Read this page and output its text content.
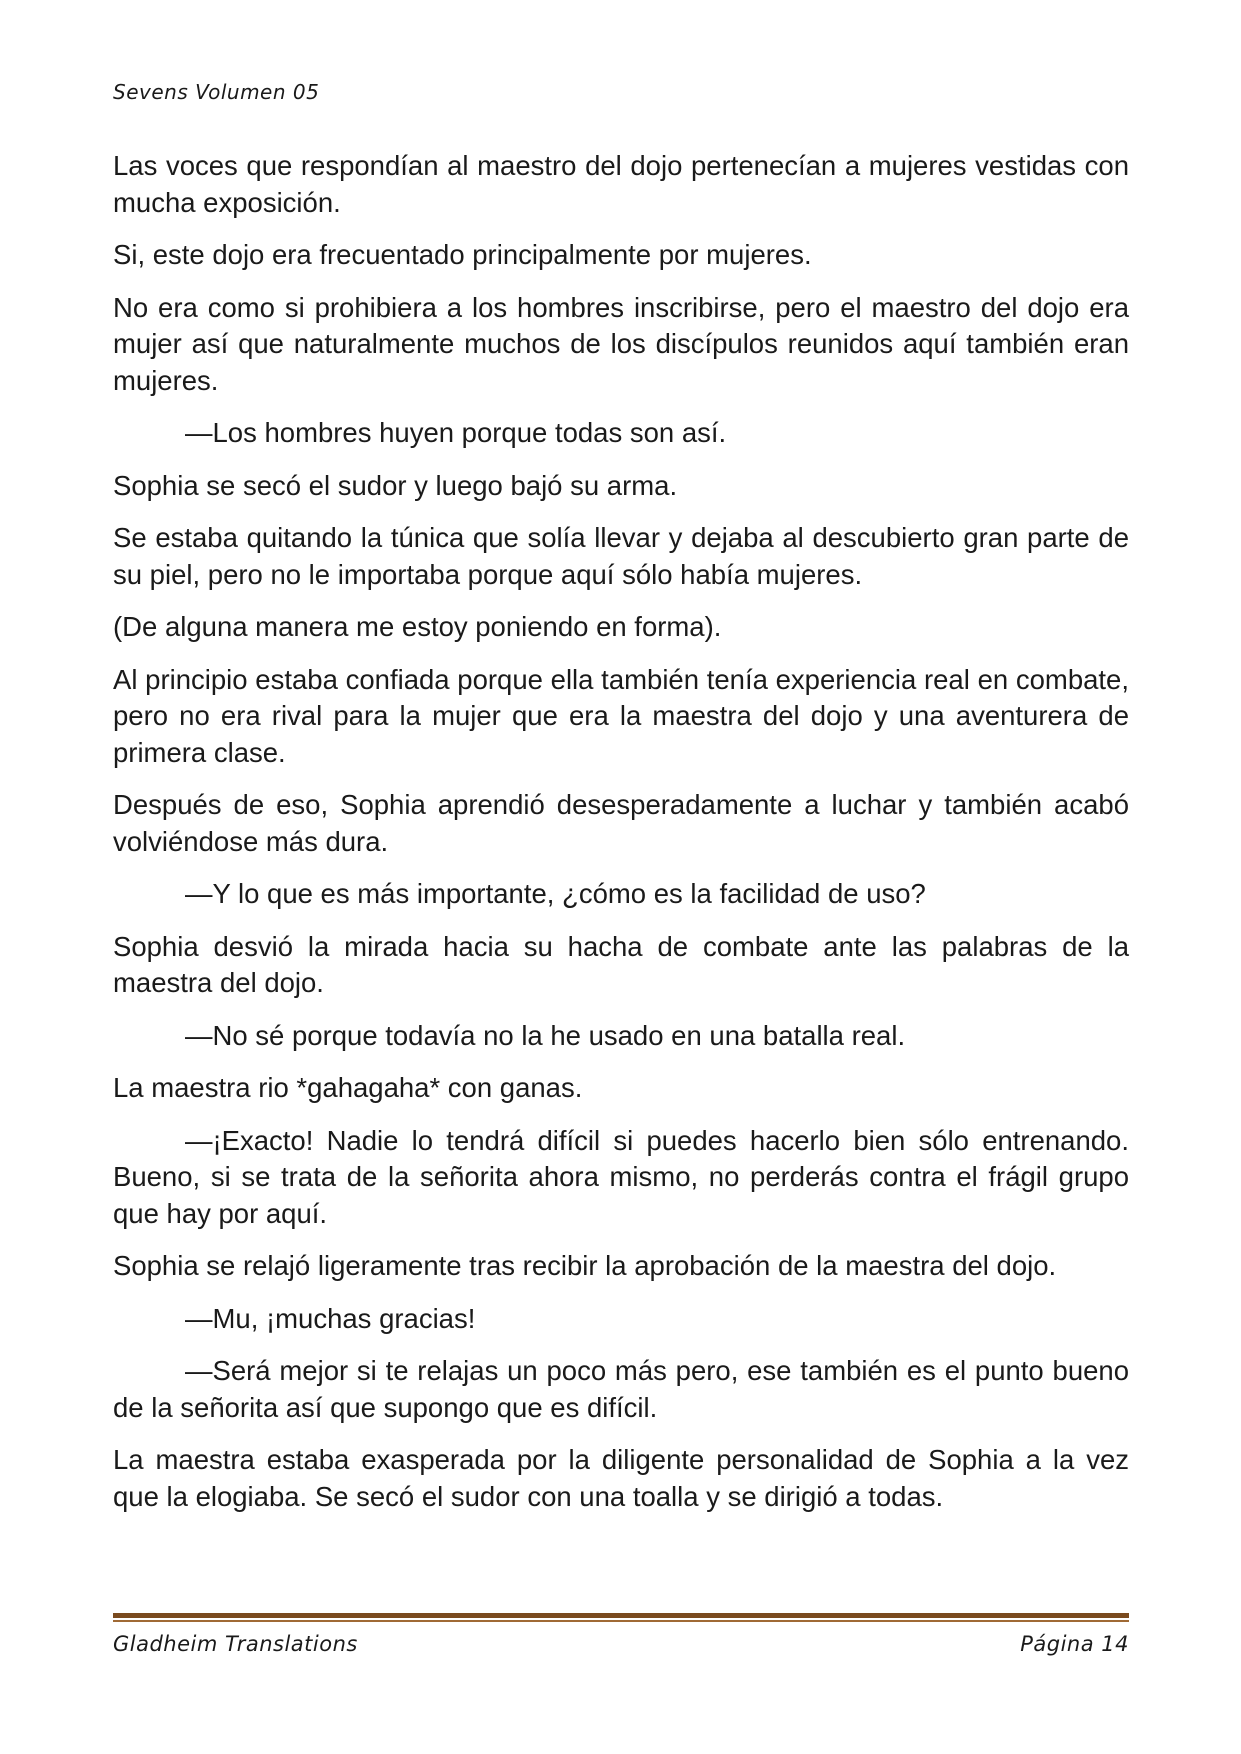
Sevens Volumen 05

Las voces que respondían al maestro del dojo pertenecían a mujeres vestidas con mucha exposición.

Si, este dojo era frecuentado principalmente por mujeres.

No era como si prohibiera a los hombres inscribirse, pero el maestro del dojo era mujer así que naturalmente muchos de los discípulos reunidos aquí también eran mujeres.

—Los hombres huyen porque todas son así.

Sophia se secó el sudor y luego bajó su arma.

Se estaba quitando la túnica que solía llevar y dejaba al descubierto gran parte de su piel, pero no le importaba porque aquí sólo había mujeres.

(De alguna manera me estoy poniendo en forma).

Al principio estaba confiada porque ella también tenía experiencia real en combate, pero no era rival para la mujer que era la maestra del dojo y una aventurera de primera clase.

Después de eso, Sophia aprendió desesperadamente a luchar y también acabó volviéndose más dura.

—Y lo que es más importante, ¿cómo es la facilidad de uso?

Sophia desvió la mirada hacia su hacha de combate ante las palabras de la maestra del dojo.

—No sé porque todavía no la he usado en una batalla real.

La maestra rio *gahagaha* con ganas.

—¡Exacto! Nadie lo tendrá difícil si puedes hacerlo bien sólo entrenando. Bueno, si se trata de la señorita ahora mismo, no perderás contra el frágil grupo que hay por aquí.

Sophia se relajó ligeramente tras recibir la aprobación de la maestra del dojo.

—Mu, ¡muchas gracias!

—Será mejor si te relajas un poco más pero, ese también es el punto bueno de la señorita así que supongo que es difícil.

La maestra estaba exasperada por la diligente personalidad de Sophia a la vez que la elogiaba. Se secó el sudor con una toalla y se dirigió a todas.

Gladheim Translations	Página 14
